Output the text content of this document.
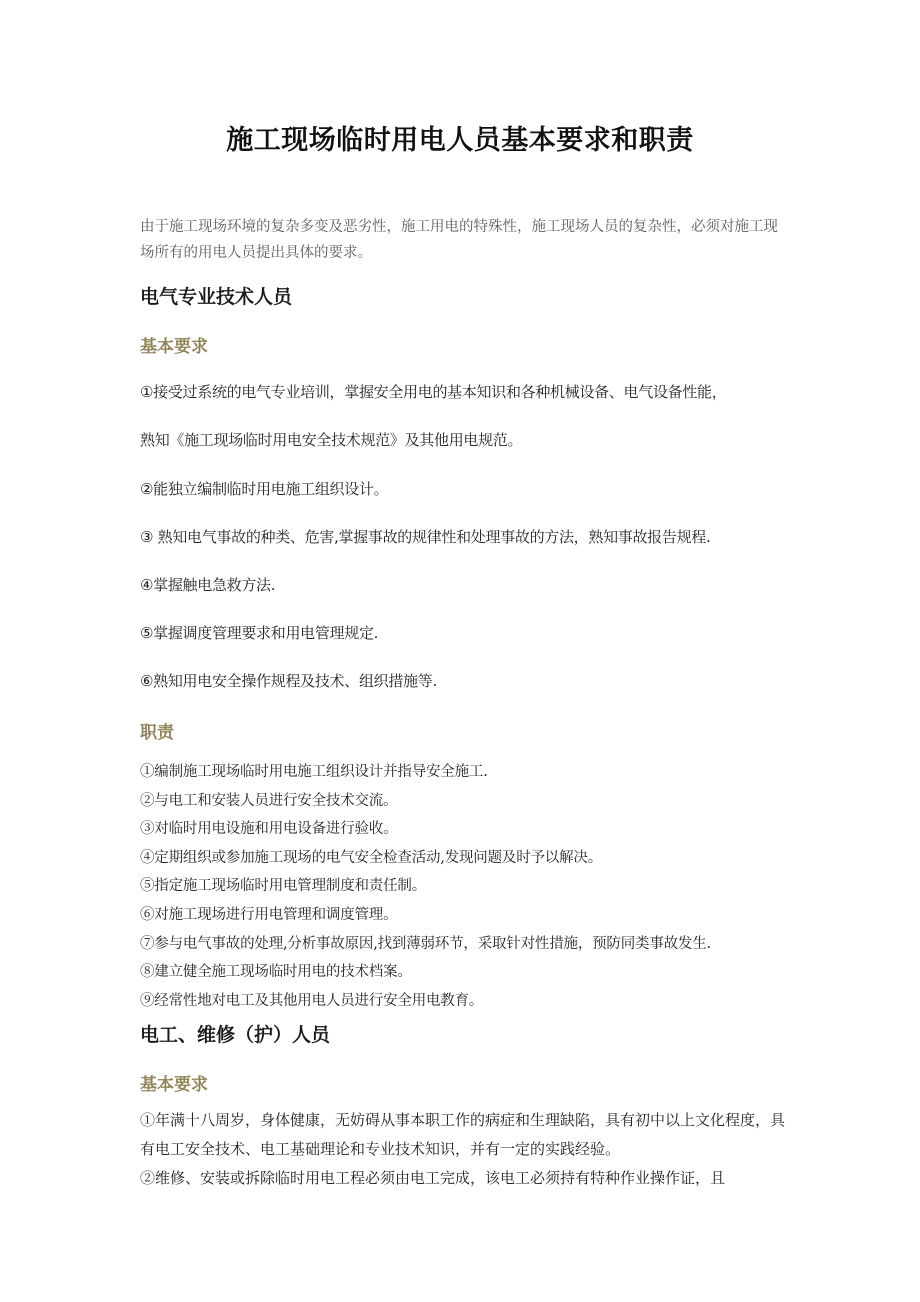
施工现场临时用电人员基本要求和职责

由于施工现场环境的复杂多变及恶劣性，施工用电的特殊性，施工现场人员的复杂性，必须对施工现场所有的用电人员提出具体的要求。

电气专业技术人员
基本要求

①接受过系统的电气专业培训，掌握安全用电的基本知识和各种机械设备、电气设备性能，

熟知《施工现场临时用电安全技术规范》及其他用电规范。

②能独立编制临时用电施工组织设计。

③ 熟知电气事故的种类、危害,掌握事故的规律性和处理事故的方法，熟知事故报告规程.

④掌握触电急救方法.

⑤掌握调度管理要求和用电管理规定.

⑥熟知用电安全操作规程及技术、组织措施等.

职责
①编制施工现场临时用电施工组织设计并指导安全施工.
②与电工和安装人员进行安全技术交流。
③对临时用电设施和用电设备进行验收。
④定期组织或参加施工现场的电气安全检查活动,发现问题及时予以解决。
⑤指定施工现场临时用电管理制度和责任制。
⑥对施工现场进行用电管理和调度管理。
⑦参与电气事故的处理,分析事故原因,找到薄弱环节，采取针对性措施，预防同类事故发生.
⑧建立健全施工现场临时用电的技术档案。
⑨经常性地对电工及其他用电人员进行安全用电教育。
电工、维修（护）人员
基本要求
①年满十八周岁，身体健康，无妨碍从事本职工作的病症和生理缺陷，具有初中以上文化程度，具有电工安全技术、电工基础理论和专业技术知识，并有一定的实践经验。
②维修、安装或拆除临时用电工程必须由电工完成，该电工必须持有特种作业操作证，且
